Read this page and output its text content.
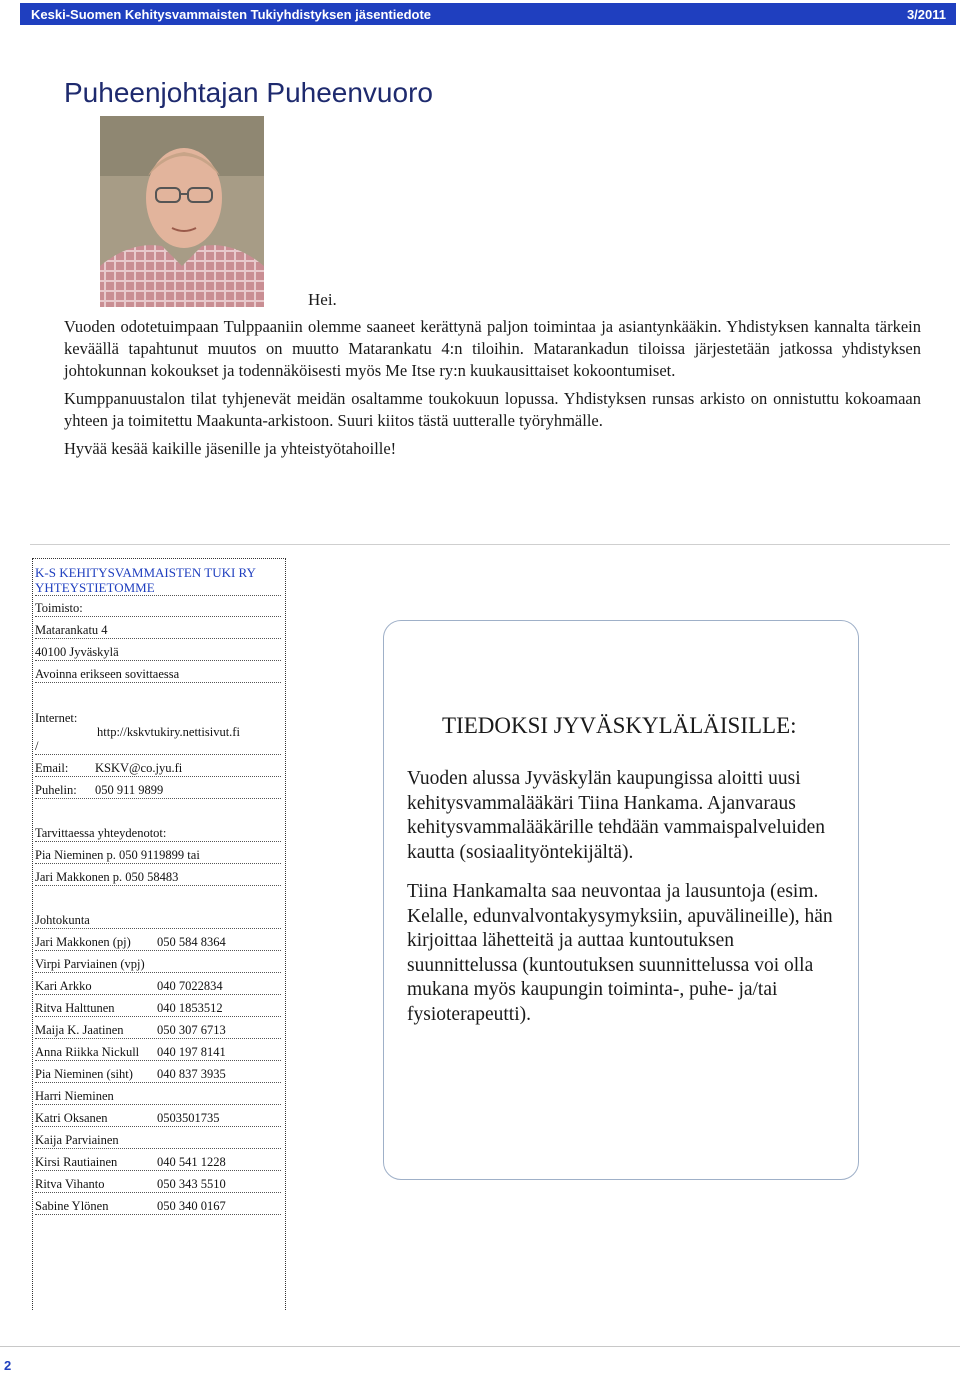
Keski-Suomen Kehitysvammaisten Tukiyhdistyksen jäsentiedote	3/2011
Puheenjohtajan Puheenvuoro
Hei.

Vuoden odotetuimpaan Tulppaaniin olemme saaneet kerättynä paljon toimintaa ja asiantynkääkin. Yhdistyksen kannalta tärkein keväällä tapahtunut muutos on muutto Matarankatu 4:n tiloihin. Matarankadun tiloissa järjestetään jatkossa yhdistyksen johtokunnan kokoukset ja todennäköisesti myös Me Itse ry:n kuukausittaiset kokoontumiset.

Kumppanuustalon tilat tyhjenevät meidän osaltamme toukokuun lopussa. Yhdistyksen runsas arkisto on onnistuttu kokoamaan yhteen ja toimitettu Maakunta-arkistoon. Suuri kiitos tästä uutteralle työryhmälle.

Hyvää kesää kaikille jäsenille ja yhteistyötahoille!

K-S KEHITYSVAMMAISTEN TUKI RY YHTEYSTIETOMME
Toimisto:
Matarankatu 4
40100 Jyväskylä
Avoinna erikseen sovittaessa
Internet:
http://kskvtukiry.nettisivut.fi
/
Email: KSKV@co.jyu.fi
Puhelin: 050 911 9899
Tarvittaessa yhteydenotot:
Pia Nieminen p. 050 9119899 tai
Jari Makkonen p. 050 58483
Johtokunta
Jari Makkonen (pj) 050 584 8364
Virpi Parviainen (vpj)
Kari Arkko	040 7022834
Ritva Halttunen	040 1853512
Maija K. Jaatinen	050 307 6713
Anna Riikka Nickull 040 197 8141
Pia Nieminen (siht) 040 837 3935
Harri Nieminen
Katri Oksanen	0503501735
Kaija Parviainen
Kirsi Rautiainen	040 541 1228
Ritva Vihanto	050 343 5510
Sabine Ylönen	050 340 0167
TIEDOKSI JYVÄSKYLÄLÄISILLE:

Vuoden alussa Jyväskylän kaupungissa aloitti uusi kehitysvammalääkäri Tiina Hankama. Ajanvaraus kehitysvammalääkärille tehdään vammaispalveluiden kautta (sosiaalityöntekijältä).

Tiina Hankamalta saa neuvontaa ja lausuntoja (esim. Kelalle, edunvalvontakysymyksiin, apuvälineille), hän kirjoittaa lähetteitä ja auttaa kuntoutuksen suunnittelussa (kuntoutuksen suunnittelussa voi olla mukana myös kaupungin toiminta-, puhe- ja/tai fysioterapeutti).

2
